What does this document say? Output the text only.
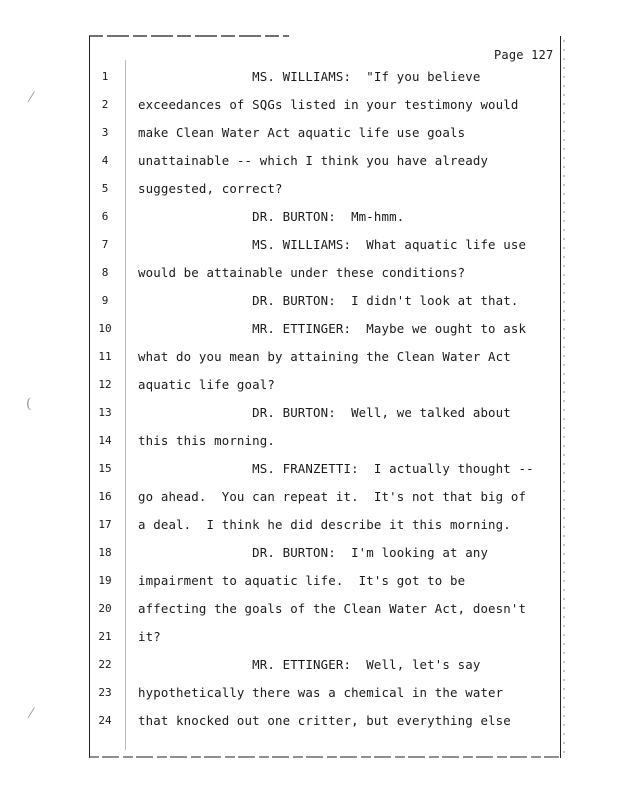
⁄
(
⁄
Page 127
1	MS. WILLIAMS:  "If you believe
2	exceedances of SQGs listed in your testimony would
3	make Clean Water Act aquatic life use goals
4	unattainable -- which I think you have already
5	suggested, correct?
6	DR. BURTON:  Mm-hmm.
7	MS. WILLIAMS:  What aquatic life use
8	would be attainable under these conditions?
9	DR. BURTON:  I didn't look at that.
10 MR. ETTINGER:  Maybe we ought to ask
11 what do you mean by attaining the Clean Water Act
12 aquatic life goal?
13 DR. BURTON:  Well, we talked about
14 this this morning.
15 MS. FRANZETTI:  I actually thought --
16 go ahead.  You can repeat it.  It's not that big of
17 a deal.  I think he did describe it this morning.
18 DR. BURTON:  I'm looking at any
19 impairment to aquatic life.  It's got to be
20 affecting the goals of the Clean Water Act, doesn't
21 it?
22 MR. ETTINGER:  Well, let's say
23 hypothetically there was a chemical in the water
24 that knocked out one critter, but everything else
